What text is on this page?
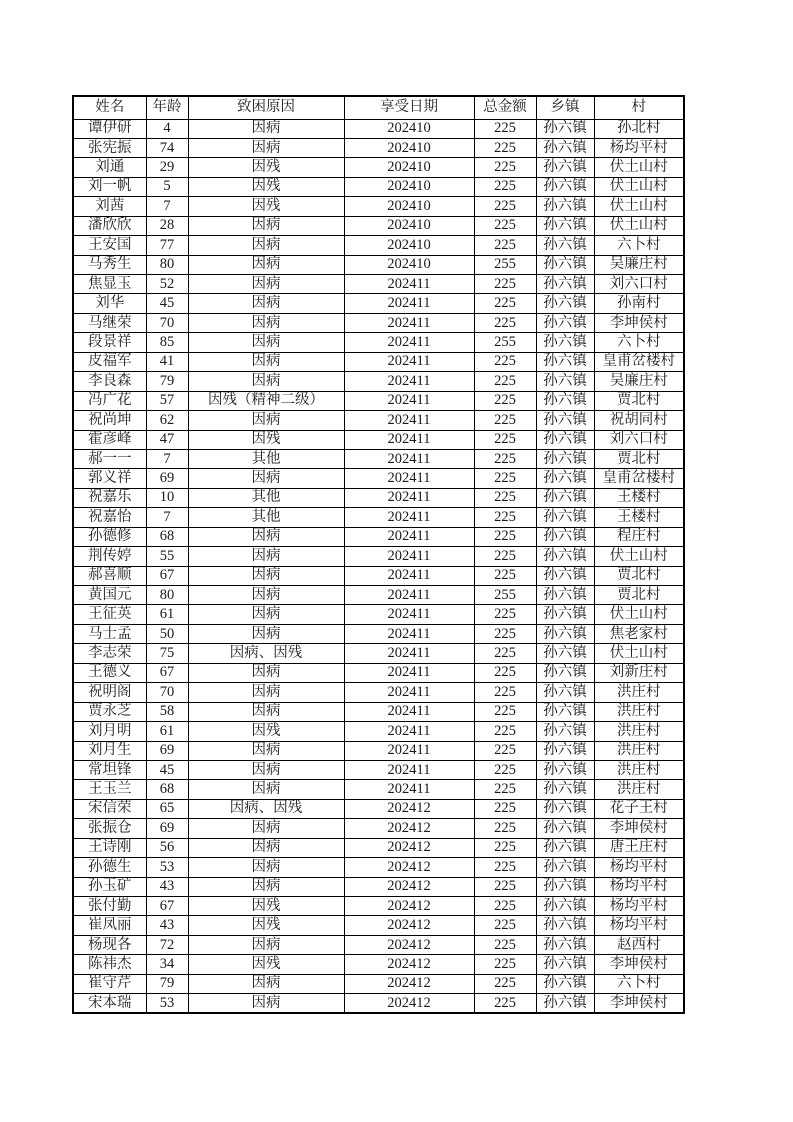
姓名	年龄	致困原因	享受日期	总金额	乡镇	村
谭伊研	4	因病	202410	225	孙六镇	孙北村
张宪振	74	因病	202410	225	孙六镇	杨均平村
刘通	29	因残	202410	225	孙六镇	伏土山村
刘一帆	5	因残	202410	225	孙六镇	伏土山村
刘茜	7	因残	202410	225	孙六镇	伏土山村
潘欣欣	28	因病	202410	225	孙六镇	伏土山村
王安国	77	因病	202410	225	孙六镇	六卜村
马秀生	80	因病	202410	255	孙六镇	吴廉庄村
焦显玉	52	因病	202411	225	孙六镇	刘六口村
刘华	45	因病	202411	225	孙六镇	孙南村
马继荣	70	因病	202411	225	孙六镇	李坤侯村
段景祥	85	因病	202411	255	孙六镇	六卜村
皮福军	41	因病	202411	225	孙六镇	皇甫岔楼村
李良森	79	因病	202411	225	孙六镇	吴廉庄村
冯广花	57	因残（精神二级）	202411	225	孙六镇	贾北村
祝尚坤	62	因病	202411	225	孙六镇	祝胡同村
霍彦峰	47	因残	202411	225	孙六镇	刘六口村
郝一一	7	其他	202411	225	孙六镇	贾北村
郭义祥	69	因病	202411	225	孙六镇	皇甫岔楼村
祝嘉乐	10	其他	202411	225	孙六镇	王楼村
祝嘉怡	7	其他	202411	225	孙六镇	王楼村
孙德修	68	因病	202411	225	孙六镇	程庄村
荆传婷	55	因病	202411	225	孙六镇	伏土山村
郝喜顺	67	因病	202411	225	孙六镇	贾北村
黄国元	80	因病	202411	255	孙六镇	贾北村
王征英	61	因病	202411	225	孙六镇	伏土山村
马士孟	50	因病	202411	225	孙六镇	焦老家村
李志荣	75	因病、因残	202411	225	孙六镇	伏土山村
王德义	67	因病	202411	225	孙六镇	刘新庄村
祝明阁	70	因病	202411	225	孙六镇	洪庄村
贾永芝	58	因病	202411	225	孙六镇	洪庄村
刘月明	61	因残	202411	225	孙六镇	洪庄村
刘月生	69	因病	202411	225	孙六镇	洪庄村
常坦锋	45	因病	202411	225	孙六镇	洪庄村
王玉兰	68	因病	202411	225	孙六镇	洪庄村
宋信荣	65	因病、因残	202412	225	孙六镇	花子王村
张振仓	69	因病	202412	225	孙六镇	李坤侯村
王诗刚	56	因病	202412	225	孙六镇	唐王庄村
孙德生	53	因病	202412	225	孙六镇	杨均平村
孙玉矿	43	因病	202412	225	孙六镇	杨均平村
张付勤	67	因残	202412	225	孙六镇	杨均平村
崔凤丽	43	因残	202412	225	孙六镇	杨均平村
杨现各	72	因病	202412	225	孙六镇	赵西村
陈祎杰	34	因残	202412	225	孙六镇	李坤侯村
崔守芹	79	因病	202412	225	孙六镇	六卜村
宋本瑞	53	因病	202412	225	孙六镇	李坤侯村
